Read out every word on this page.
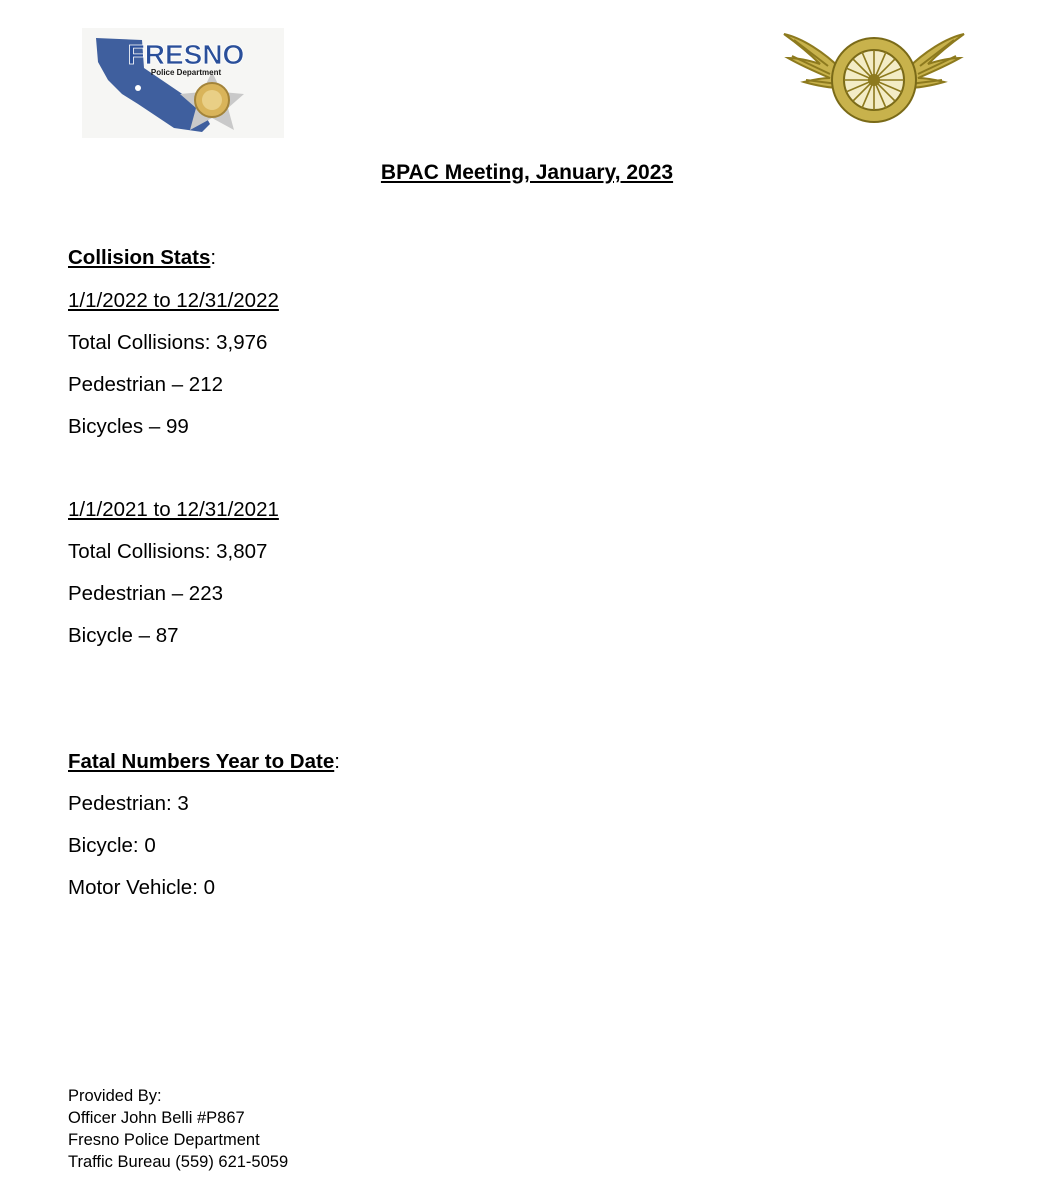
FRESNO
Police Department
BPAC Meeting, January, 2023
Collision Stats:
1/1/2022 to 12/31/2022
Total Collisions: 3,976
Pedestrian – 212
Bicycles – 99
1/1/2021 to 12/31/2021
Total Collisions: 3,807
Pedestrian – 223
Bicycle – 87
Fatal Numbers Year to Date:
Pedestrian: 3
Bicycle: 0
Motor Vehicle: 0
Provided By:
Officer John Belli #P867
Fresno Police Department
Traffic Bureau (559) 621-5059
